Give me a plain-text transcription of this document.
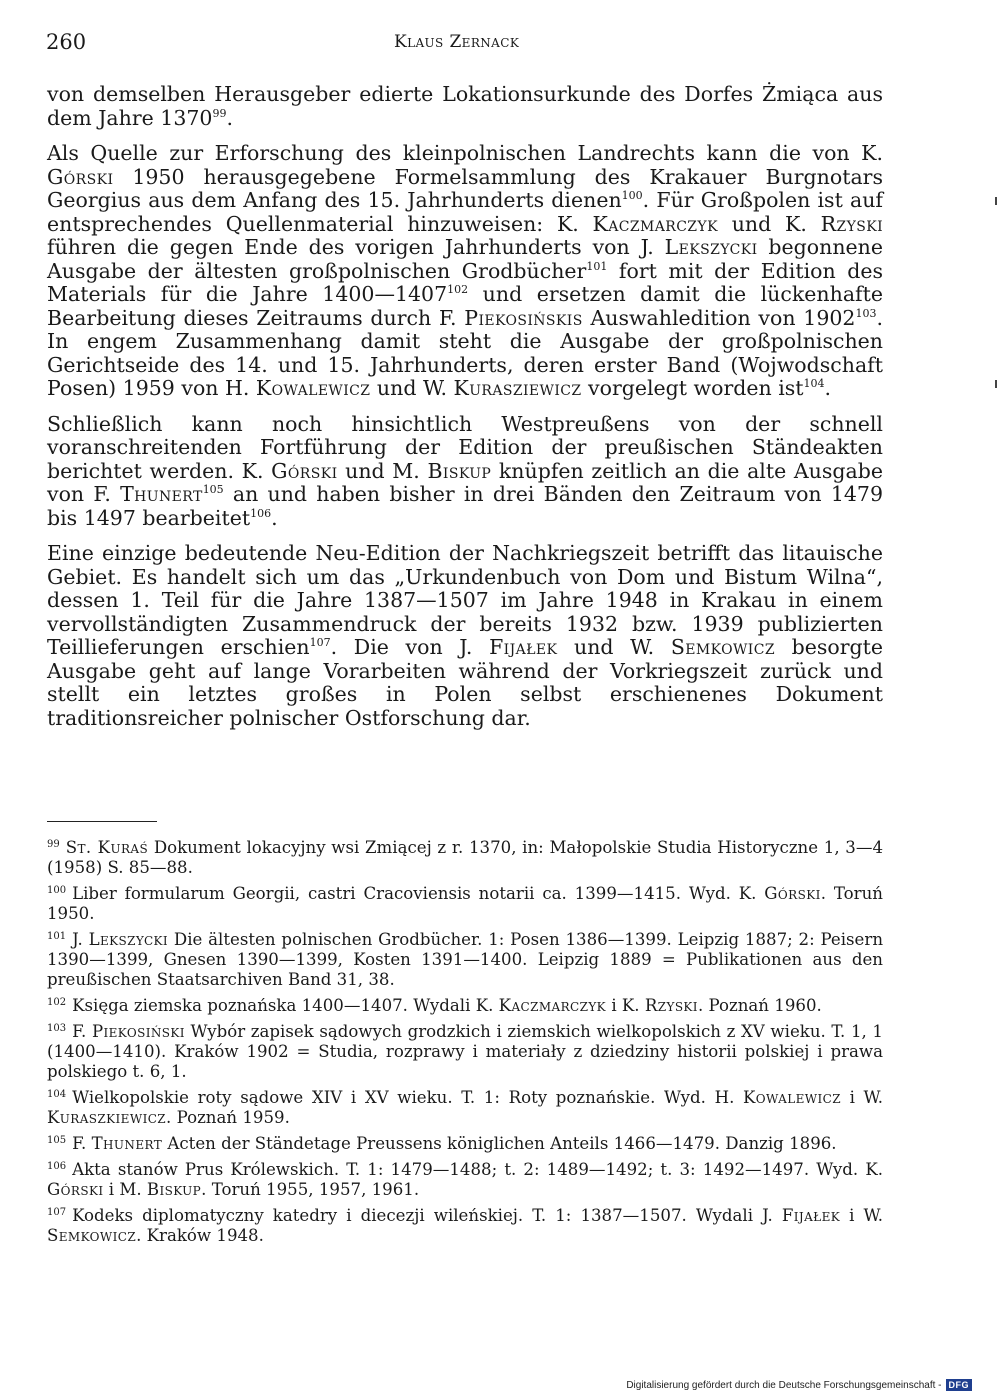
260	Klaus Zernack

von demselben Herausgeber edierte Lokationsurkunde des Dorfes Żmiąca aus dem Jahre 1370$^{99}$.

Als Quelle zur Erforschung des kleinpolnischen Landrechts kann die von K. Górski 1950 herausgegebene Formelsammlung des Krakauer Burgnotars Georgius aus dem Anfang des 15. Jahrhunderts dienen$^{100}$. Für Großpolen ist auf entsprechendes Quellenmaterial hinzuweisen: K. Kaczmarczyk und K. Rzyski führen die gegen Ende des vorigen Jahrhunderts von J. Lekszycki begonnene Ausgabe der ältesten großpolnischen Grodbücher$^{101}$ fort mit der Edition des Materials für die Jahre 1400—1407$^{102}$ und ersetzen damit die lückenhafte Bearbeitung dieses Zeitraums durch F. Piekosińskis Auswahledition von 1902$^{103}$. In engem Zusammenhang damit steht die Ausgabe der großpolnischen Gerichtseide des 14. und 15. Jahrhunderts, deren erster Band (Wojwodschaft Posen) 1959 von H. Kowalewicz und W. Kurasziewicz vorgelegt worden ist$^{104}$.

Schließlich kann noch hinsichtlich Westpreußens von der schnell voranschreitenden Fortführung der Edition der preußischen Ständeakten berichtet werden. K. Górski und M. Biskup knüpfen zeitlich an die alte Ausgabe von F. Thunert$^{105}$ an und haben bisher in drei Bänden den Zeitraum von 1479 bis 1497 bearbeitet$^{106}$.

Eine einzige bedeutende Neu-Edition der Nachkriegszeit betrifft das litauische Gebiet. Es handelt sich um das „Urkundenbuch von Dom und Bistum Wilna“, dessen 1. Teil für die Jahre 1387—1507 im Jahre 1948 in Krakau in einem vervollständigten Zusammendruck der bereits 1932 bzw. 1939 publizierten Teillieferungen erschien$^{107}$. Die von J. Fijałek und W. Semkowicz besorgte Ausgabe geht auf lange Vorarbeiten während der Vorkriegszeit zurück und stellt ein letztes großes in Polen selbst erschienenes Dokument traditionsreicher polnischer Ostforschung dar.

$^{99}$ St. Kuraś Dokument lokacyjny wsi Zmiącej z r. 1370, in: Małopolskie Studia Historyczne 1, 3—4 (1958) S. 85—88.

$^{100}$ Liber formularum Georgii, castri Cracoviensis notarii ca. 1399—1415. Wyd. K. Górski. Toruń 1950.

$^{101}$ J. Lekszycki Die ältesten polnischen Grodbücher. 1: Posen 1386—1399. Leipzig 1887; 2: Peisern 1390—1399, Gnesen 1390—1399, Kosten 1391—1400. Leipzig 1889 = Publikationen aus den preußischen Staatsarchiven Band 31, 38.

$^{102}$ Księga ziemska poznańska 1400—1407. Wydali K. Kaczmarczyk i K. Rzyski. Poznań 1960.

$^{103}$ F. Piekosiński Wybór zapisek sądowych grodzkich i ziemskich wielkopolskich z XV wieku. T. 1, 1 (1400—1410). Kraków 1902 = Studia, rozprawy i materiały z dziedziny historii polskiej i prawa polskiego t. 6, 1.

$^{104}$ Wielkopolskie roty sądowe XIV i XV wieku. T. 1: Roty poznańskie. Wyd. H. Kowalewicz i W. Kuraszkiewicz. Poznań 1959.

$^{105}$ F. Thunert Acten der Ständetage Preussens königlichen Anteils 1466—1479. Danzig 1896.

$^{106}$ Akta stanów Prus Królewskich. T. 1: 1479—1488; t. 2: 1489—1492; t. 3: 1492—1497. Wyd. K. Górski i M. Biskup. Toruń 1955, 1957, 1961.

$^{107}$ Kodeks diplomatyczny katedry i diecezji wileńskiej. T. 1: 1387—1507. Wydali J. Fijałek i W. Semkowicz. Kraków 1948.

Digitalisierung gefördert durch die Deutsche Forschungsgemeinschaft - DFG
